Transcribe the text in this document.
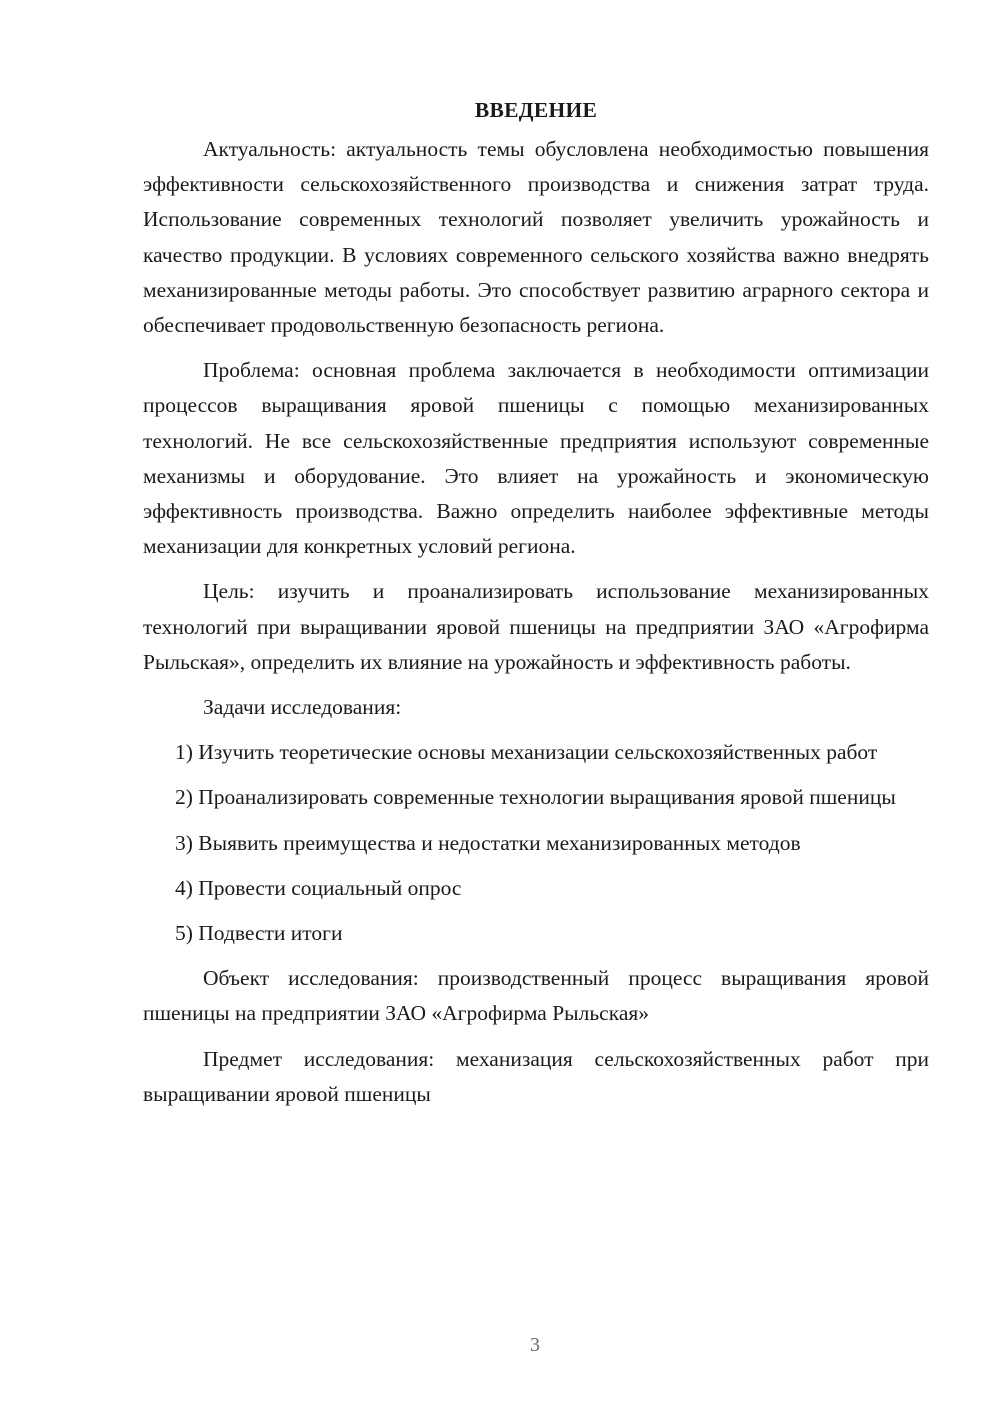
ВВЕДЕНИЕ

Актуальность: актуальность темы обусловлена необходимостью повышения эффективности сельскохозяйственного производства и снижения затрат труда. Использование современных технологий позволяет увеличить урожайность и качество продукции. В условиях современного сельского хозяйства важно внедрять механизированные методы работы. Это способствует развитию аграрного сектора и обеспечивает продовольственную безопасность региона.

Проблема: основная проблема заключается в необходимости оптимизации процессов выращивания яровой пшеницы с помощью механизированных технологий. Не все сельскохозяйственные предприятия используют современные механизмы и оборудование. Это влияет на урожайность и экономическую эффективность производства. Важно определить наиболее эффективные методы механизации для конкретных условий региона.

Цель: изучить и проанализировать использование механизированных технологий при выращивании яровой пшеницы на предприятии ЗАО «Агрофирма Рыльская», определить их влияние на урожайность и эффективность работы.

Задачи исследования:

1) Изучить теоретические основы механизации сельскохозяйственных работ

2) Проанализировать современные технологии выращивания яровой пшеницы

3) Выявить преимущества и недостатки механизированных методов

4) Провести социальный опрос

5) Подвести итоги

Объект исследования: производственный процесс выращивания яровой пшеницы на предприятии ЗАО «Агрофирма Рыльская»

Предмет исследования: механизация сельскохозяйственных работ при выращивании яровой пшеницы

3
